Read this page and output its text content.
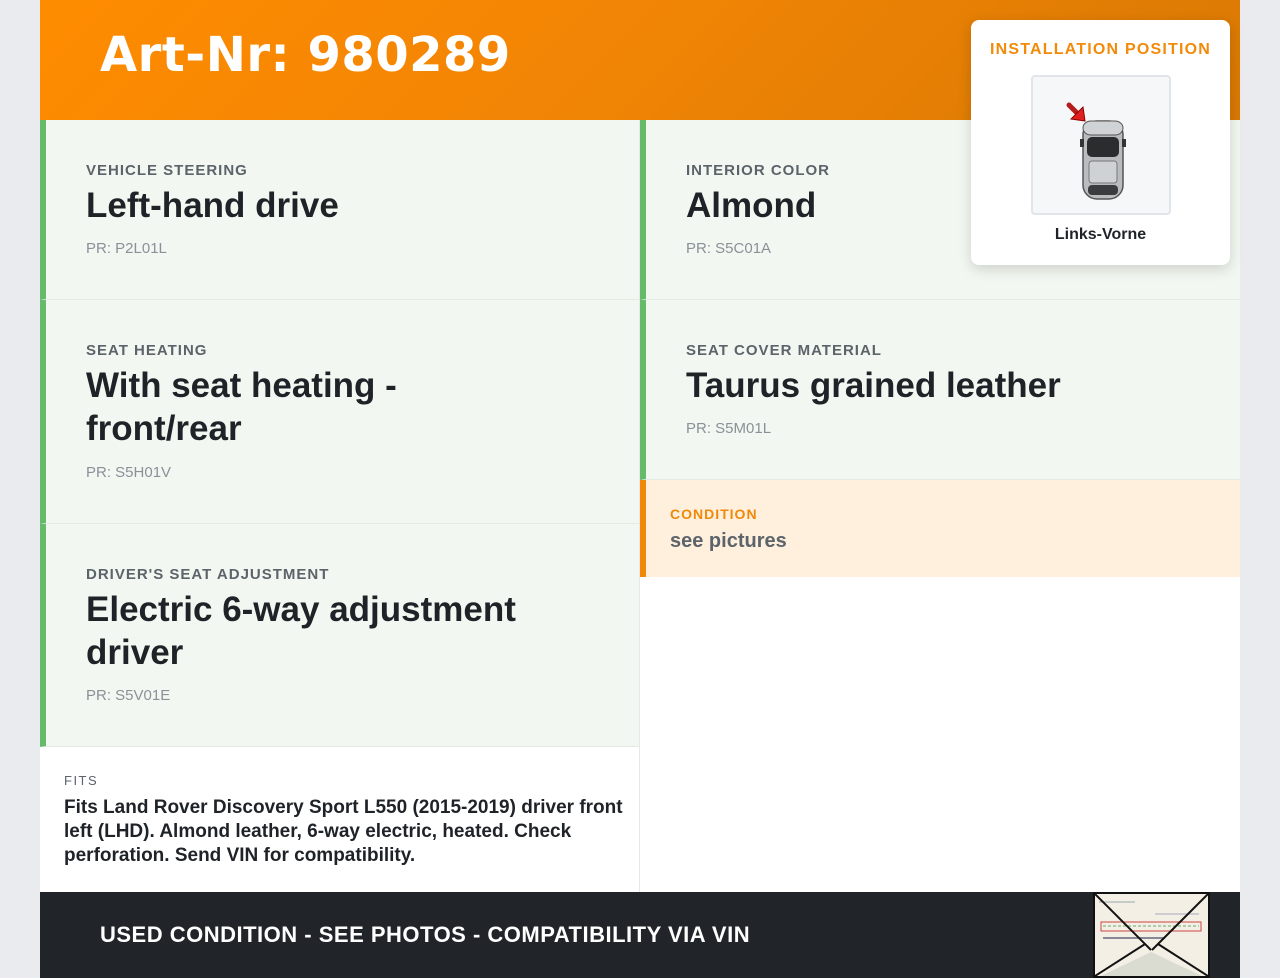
Art-Nr: 980289
VEHICLE STEERING
Left-hand drive
PR: P2L01L
SEAT HEATING
With seat heating - front/rear
PR: S5H01V
DRIVER'S SEAT ADJUSTMENT
Electric 6-way adjustment driver
PR: S5V01E
FITS
Fits Land Rover Discovery Sport L550 (2015-2019) driver front left (LHD). Almond leather, 6-way electric, heated. Check perforation. Send VIN for compatibility.
INTERIOR COLOR
Almond
PR: S5C01A
SEAT COVER MATERIAL
Taurus grained leather
PR: S5M01L
CONDITION
see pictures
USED CONDITION - SEE PHOTOS - COMPATIBILITY VIA VIN
INSTALLATION POSITION
Links-Vorne
